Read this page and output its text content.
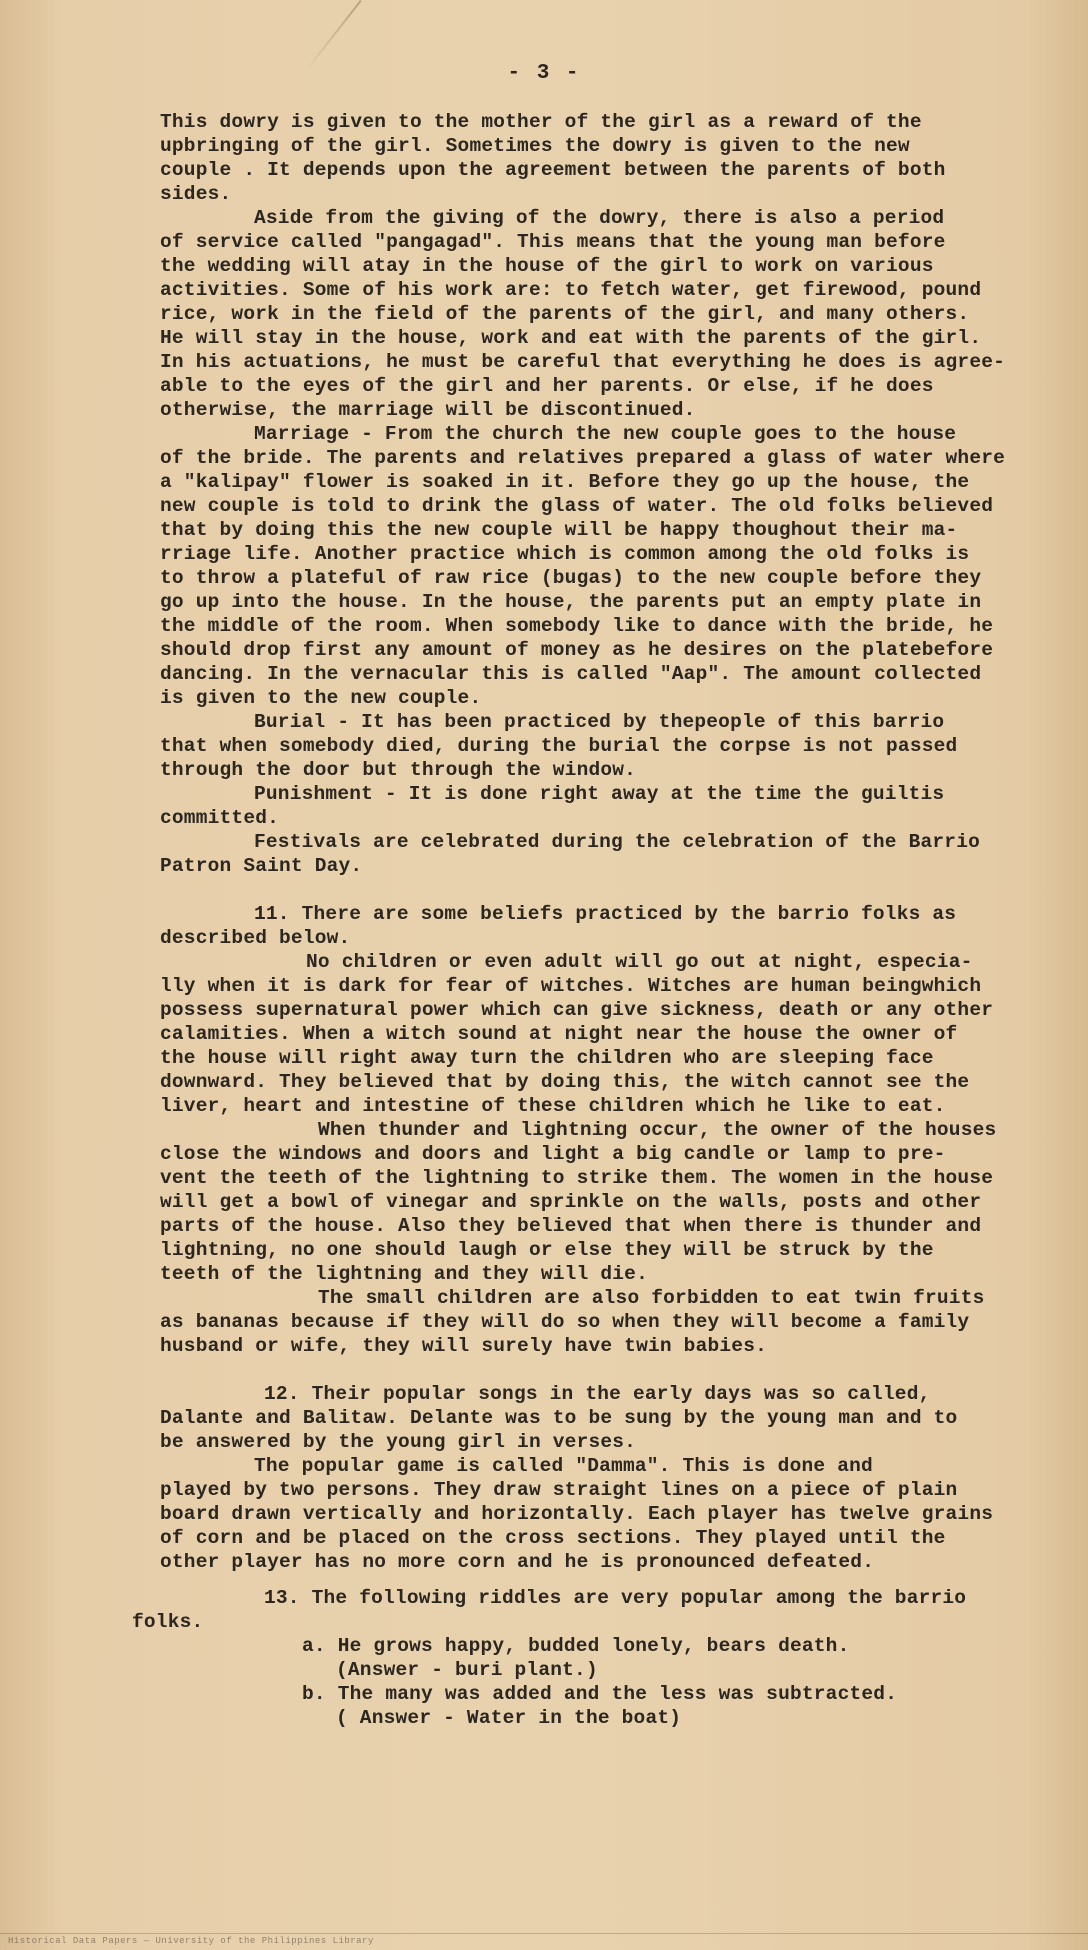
- 3 -
This dowry is given to the mother of the girl as a reward of the
upbringing of the girl. Sometimes the dowry is given to the new
couple . It depends upon the agreement between the parents of both
sides.
Aside from the giving of the dowry, there is also a period
of service called "pangagad". This means that the young man before
the wedding will atay in the house of the girl to work on various
activities. Some of his work are: to fetch water, get firewood, pound
rice, work in the field of the parents of the girl, and many others.
He will stay in the house, work and eat with the parents of the girl.
In his actuations, he must be careful that everything he does is agree-
able to the eyes of the girl and her parents. Or else, if he does
otherwise, the marriage will be discontinued.
Marriage - From the church the new couple goes to the house
of the bride. The parents and relatives prepared a glass of water where
a "kalipay" flower is soaked in it. Before they go up the house, the
new couple is told to drink the glass of water. The old folks believed
that by doing this the new couple will be happy thoughout their ma-
rriage life. Another practice which is common among the old folks is
to throw a plateful of raw rice (bugas) to the new couple before they
go up into the house. In the house, the parents put an empty plate in
the middle of the room. When somebody like to dance with the bride, he
should drop first any amount of money as he desires on the platebefore
dancing. In the vernacular this is called "Aap". The amount collected
is given to the new couple.
Burial - It has been practiced by thepeople of this barrio
that when somebody died, during the burial the corpse is not passed
through the door but through the window.
Punishment - It is done right away at the time the guiltis
committed.
Festivals are celebrated during the celebration of the Barrio
Patron Saint Day.
11. There are some beliefs practiced by the barrio folks as
described below.
No children or even adult will go out at night, especia-
lly when it is dark for fear of witches. Witches are human beingwhich
possess supernatural power which can give sickness, death or any other
calamities. When a witch sound at night near the house the owner of
the house will right away turn the children who are sleeping face
downward. They believed that by doing this, the witch cannot see the
liver, heart and intestine of these children which he like to eat.
When thunder and lightning occur, the owner of the houses
close the windows and doors and light a big candle or lamp to pre-
vent the teeth of the lightning to strike them. The women in the house
will get a bowl of vinegar and sprinkle on the walls, posts and other
parts of the house. Also they believed that when there is thunder and
lightning, no one should laugh or else they will be struck by the
teeth of the lightning and they will die.
The small children are also forbidden to eat twin fruits
as bananas because if they will do so when they will become a family
husband or wife, they will surely have twin babies.
12. Their popular songs in the early days was so called,
Dalante and Balitaw. Delante was to be sung by the young man and to
be answered by the young girl in verses.
The popular game is called "Damma". This is done and
played by two persons. They draw straight lines on a piece of plain
board drawn vertically and horizontally. Each player has twelve grains
of corn and be placed on the cross sections. They played until the
other player has no more corn and he is pronounced defeated.
13. The following riddles are very popular among the barrio
folks.
a. He grows happy, budded lonely, bears death.
(Answer - buri plant.)
b. The many was added and the less was subtracted.
( Answer - Water in the boat)
Historical Data Papers — University of the Philippines Library
